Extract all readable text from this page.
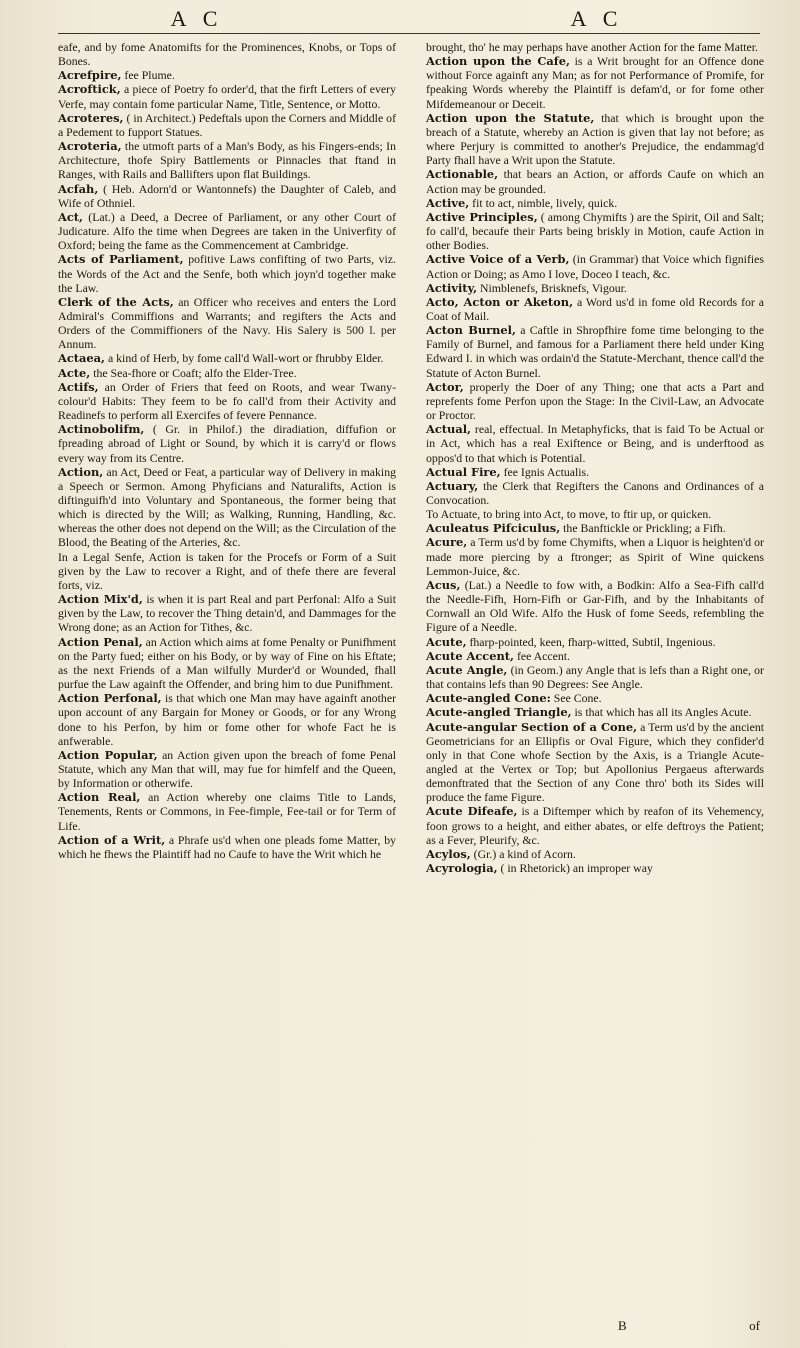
A C	A C

eafe, and by fome Anatomifts for the Prominences, Knobs, or Tops of Bones.

Acrefpire, fee Plume.

Acroftick, a piece of Poetry fo order'd, that the firft Letters of every Verfe, may contain fome particular Name, Title, Sentence, or Motto.

Acroteres, ( in Architect.) Pedeftals upon the Corners and Middle of a Pedement to fupport Statues.

Acroteria, the utmoft parts of a Man's Body, as his Fingers-ends; In Architecture, thofe Spiry Battlements or Pinnacles that ftand in Ranges, with Rails and Ballifters upon flat Buildings.

Acfah, ( Heb. Adorn'd or Wantonnefs) the Daughter of Caleb, and Wife of Othniel.

Act, (Lat.) a Deed, a Decree of Parliament, or any other Court of Judicature. Alfo the time when Degrees are taken in the Univerfity of Oxford; being the fame as the Commencement at Cambridge.

Acts of Parliament, pofitive Laws confifting of two Parts, viz. the Words of the Act and the Senfe, both which joyn'd together make the Law.

Clerk of the Acts, an Officer who receives and enters the Lord Admiral's Commiffions and Warrants; and regifters the Acts and Orders of the Commiffioners of the Navy. His Salery is 500 l. per Annum.

Actaea, a kind of Herb, by fome call'd Wall-wort or fhrubby Elder.

Acte, the Sea-fhore or Coaft; alfo the Elder-Tree.

Actifs, an Order of Friers that feed on Roots, and wear Twany-colour'd Habits: They feem to be fo call'd from their Activity and Readinefs to perform all Exercifes of fevere Pennance.

Actinobolifm, ( Gr. in Philof.) the diradiation, diffufion or fpreading abroad of Light or Sound, by which it is carry'd or flows every way from its Centre.

Action, an Act, Deed or Feat, a particular way of Delivery in making a Speech or Sermon. Among Phyficians and Naturalifts, Action is diftinguifh'd into Voluntary and Spontaneous, the former being that which is directed by the Will; as Walking, Running, Handling, &c. whereas the other does not depend on the Will; as the Circulation of the Blood, the Beating of the Arteries, &c.

In a Legal Senfe, Action is taken for the Procefs or Form of a Suit given by the Law to recover a Right, and of thefe there are feveral forts, viz.

Action Mix'd, is when it is part Real and part Perfonal: Alfo a Suit given by the Law, to recover the Thing detain'd, and Dammages for the Wrong done; as an Action for Tithes, &c.

Action Penal, an Action which aims at fome Penalty or Punifhment on the Party fued; either on his Body, or by way of Fine on his Eftate; as the next Friends of a Man wilfully Murder'd or Wounded, fhall purfue the Law againft the Offender, and bring him to due Punifhment.

Action Perfonal, is that which one Man may have againft another upon account of any Bargain for Money or Goods, or for any Wrong done to his Perfon, by him or fome other for whofe Fact he is anfwerable.

Action Popular, an Action given upon the breach of fome Penal Statute, which any Man that will, may fue for himfelf and the Queen, by Information or otherwife.

Action Real, an Action whereby one claims Title to Lands, Tenements, Rents or Commons, in Fee-fimple, Fee-tail or for Term of Life.

Action of a Writ, a Phrafe us'd when one pleads fome Matter, by which he fhews the Plaintiff had no Caufe to have the Writ which he

brought, tho' he may perhaps have another Action for the fame Matter.

Action upon the Cafe, is a Writ brought for an Offence done without Force againft any Man; as for not Performance of Promife, for fpeaking Words whereby the Plaintiff is defam'd, or for fome other Mifdemeanour or Deceit.

Action upon the Statute, that which is brought upon the breach of a Statute, whereby an Action is given that lay not before; as where Perjury is committed to another's Prejudice, the endammag'd Party fhall have a Writ upon the Statute.

Actionable, that bears an Action, or affords Caufe on which an Action may be grounded.

Active, fit to act, nimble, lively, quick.

Active Principles, ( among Chymifts ) are the Spirit, Oil and Salt; fo call'd, becaufe their Parts being briskly in Motion, caufe Action in other Bodies.

Active Voice of a Verb, (in Grammar) that Voice which fignifies Action or Doing; as Amo I love, Doceo I teach, &c.

Activity, Nimblenefs, Brisknefs, Vigour.

Acto, Acton or Aketon, a Word us'd in fome old Records for a Coat of Mail.

Acton Burnel, a Caftle in Shropfhire fome time belonging to the Family of Burnel, and famous for a Parliament there held under King Edward I. in which was ordain'd the Statute-Merchant, thence call'd the Statute of Acton Burnel.

Actor, properly the Doer of any Thing; one that acts a Part and reprefents fome Perfon upon the Stage: In the Civil-Law, an Advocate or Proctor.

Actual, real, effectual. In Metaphyficks, that is faid To be Actual or in Act, which has a real Exiftence or Being, and is underftood as oppos'd to that which is Potential.

Actual Fire, fee Ignis Actualis.

Actuary, the Clerk that Regifters the Canons and Ordinances of a Convocation.

To Actuate, to bring into Act, to move, to ftir up, or quicken.

Aculeatus Pifciculus, the Banftickle or Prickling; a Fifh.

Acure, a Term us'd by fome Chymifts, when a Liquor is heighten'd or made more piercing by a ftronger; as Spirit of Wine quickens Lemmon-Juice, &c.

Acus, (Lat.) a Needle to fow with, a Bodkin: Alfo a Sea-Fifh call'd the Needle-Fifh, Horn-Fifh or Gar-Fifh, and by the Inhabitants of Cornwall an Old Wife. Alfo the Husk of fome Seeds, refembling the Figure of a Needle.

Acute, fharp-pointed, keen, fharp-witted, Subtil, Ingenious.

Acute Accent, fee Accent.

Acute Angle, (in Geom.) any Angle that is lefs than a Right one, or that contains lefs than 90 Degrees: See Angle.

Acute-angled Cone: See Cone.

Acute-angled Triangle, is that which has all its Angles Acute.

Acute-angular Section of a Cone, a Term us'd by the ancient Geometricians for an Ellipfis or Oval Figure, which they confider'd only in that Cone whofe Section by the Axis, is a Triangle Acute-angled at the Vertex or Top; but Apollonius Pergaeus afterwards demonftrated that the Section of any Cone thro' both its Sides will produce the fame Figure.

Acute Difeafe, is a Diftemper which by reafon of its Vehemency, foon grows to a height, and either abates, or elfe deftroys the Patient; as a Fever, Pleurify, &c.

Acylos, (Gr.) a kind of Acorn.

Acyrologia, ( in Rhetorick) an improper way

B	of
